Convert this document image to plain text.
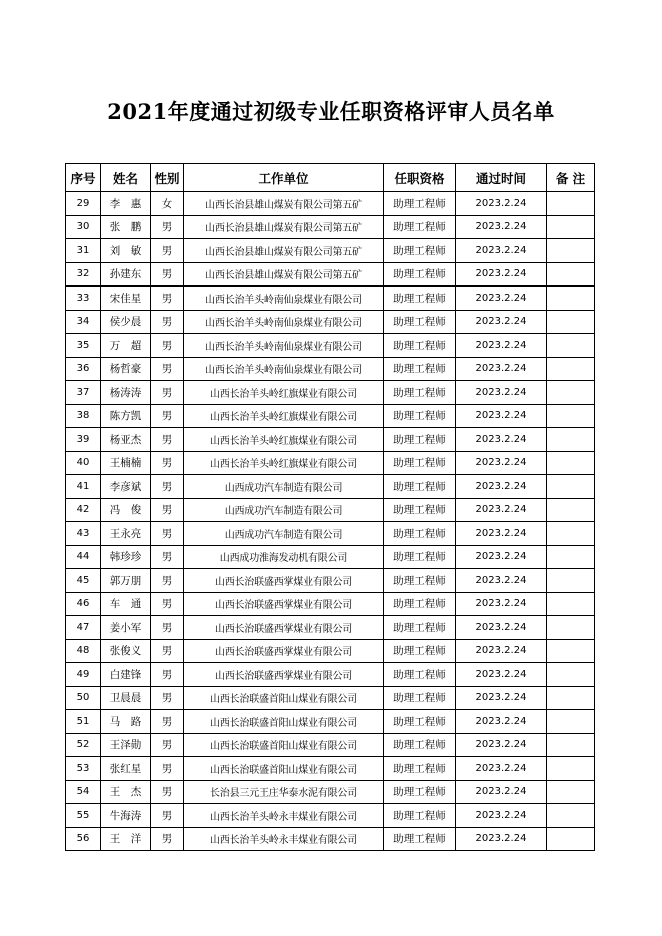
2021年度通过初级专业任职资格评审人员名单
序号	姓名	性别	工作单位	任职资格	通过时间	备 注
29	李　惠	女	山西长治县雄山煤炭有限公司第五矿	助理工程师	2023.2.24	
30	张　鹏	男	山西长治县雄山煤炭有限公司第五矿	助理工程师	2023.2.24	
31	刘　敏	男	山西长治县雄山煤炭有限公司第五矿	助理工程师	2023.2.24	
32	孙建东	男	山西长治县雄山煤炭有限公司第五矿	助理工程师	2023.2.24	
33	宋佳星	男	山西长治羊头岭南仙泉煤业有限公司	助理工程师	2023.2.24	
34	侯少晨	男	山西长治羊头岭南仙泉煤业有限公司	助理工程师	2023.2.24	
35	万　超	男	山西长治羊头岭南仙泉煤业有限公司	助理工程师	2023.2.24	
36	杨哲豪	男	山西长治羊头岭南仙泉煤业有限公司	助理工程师	2023.2.24	
37	杨涛涛	男	山西长治羊头岭红旗煤业有限公司	助理工程师	2023.2.24	
38	陈方凯	男	山西长治羊头岭红旗煤业有限公司	助理工程师	2023.2.24	
39	杨亚杰	男	山西长治羊头岭红旗煤业有限公司	助理工程师	2023.2.24	
40	王楠楠	男	山西长治羊头岭红旗煤业有限公司	助理工程师	2023.2.24	
41	李彦斌	男	山西成功汽车制造有限公司	助理工程师	2023.2.24	
42	冯　俊	男	山西成功汽车制造有限公司	助理工程师	2023.2.24	
43	王永亮	男	山西成功汽车制造有限公司	助理工程师	2023.2.24	
44	韩珍珍	男	山西成功淮海发动机有限公司	助理工程师	2023.2.24	
45	郭万朋	男	山西长治联盛西掌煤业有限公司	助理工程师	2023.2.24	
46	车　通	男	山西长治联盛西掌煤业有限公司	助理工程师	2023.2.24	
47	姜小军	男	山西长治联盛西掌煤业有限公司	助理工程师	2023.2.24	
48	张俊义	男	山西长治联盛西掌煤业有限公司	助理工程师	2023.2.24	
49	白建锋	男	山西长治联盛西掌煤业有限公司	助理工程师	2023.2.24	
50	卫晨晨	男	山西长治联盛首阳山煤业有限公司	助理工程师	2023.2.24	
51	马　路	男	山西长治联盛首阳山煤业有限公司	助理工程师	2023.2.24	
52	王泽勋	男	山西长治联盛首阳山煤业有限公司	助理工程师	2023.2.24	
53	张红星	男	山西长治联盛首阳山煤业有限公司	助理工程师	2023.2.24	
54	王　杰	男	长治县三元王庄华泰水泥有限公司	助理工程师	2023.2.24	
55	牛海涛	男	山西长治羊头岭永丰煤业有限公司	助理工程师	2023.2.24	
56	王　洋	男	山西长治羊头岭永丰煤业有限公司	助理工程师	2023.2.24	
